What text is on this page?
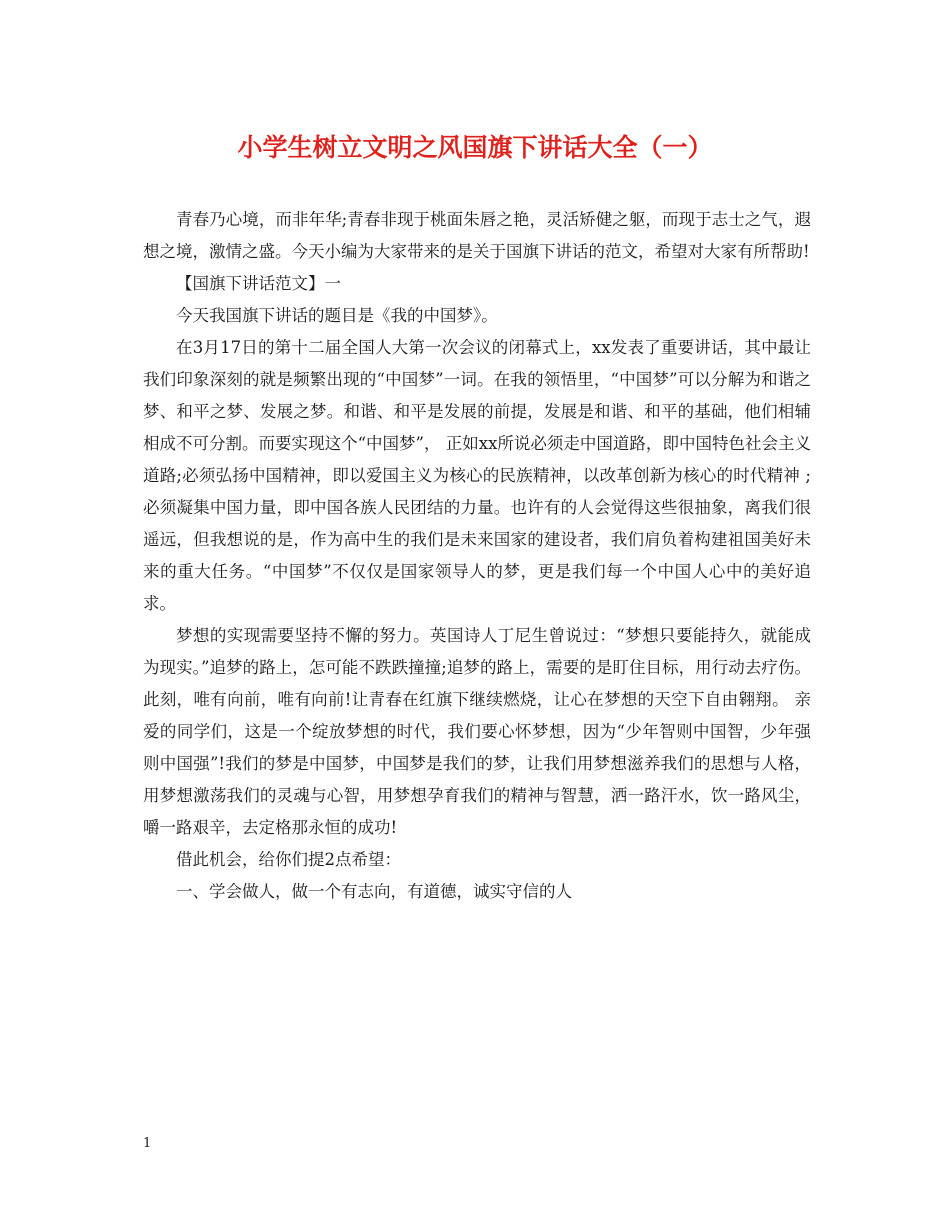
小学生树立文明之风国旗下讲话大全（一）

青春乃心境，而非年华;青春非现于桃面朱唇之艳，灵活矫健之躯，而现于志士之气，遐想之境，激情之盛。今天小编为大家带来的是关于国旗下讲话的范文，希望对大家有所帮助!

【国旗下讲话范文】一

今天我国旗下讲话的题目是《我的中国梦》。

在3月17日的第十二届全国人大第一次会议的闭幕式上，xx发表了重要讲话，其中最让我们印象深刻的就是频繁出现的“中国梦”一词。在我的领悟里，“中国梦”可以分解为和谐之梦、和平之梦、发展之梦。和谐、和平是发展的前提，发展是和谐、和平的基础，他们相辅相成不可分割。而要实现这个“中国梦”， 正如xx所说必须走中国道路，即中国特色社会主义道路;必须弘扬中国精神，即以爱国主义为核心的民族精神，以改革创新为核心的时代精神 ;必须凝集中国力量，即中国各族人民团结的力量。也许有的人会觉得这些很抽象，离我们很遥远，但我想说的是，作为高中生的我们是未来国家的建设者，我们肩负着构建祖国美好未来的重大任务。“中国梦”不仅仅是国家领导人的梦，更是我们每一个中国人心中的美好追求。

梦想的实现需要坚持不懈的努力。英国诗人丁尼生曾说过：“梦想只要能持久，就能成为现实。”追梦的路上，怎可能不跌跌撞撞;追梦的路上，需要的是盯住目标，用行动去疗伤。此刻，唯有向前，唯有向前!让青春在红旗下继续燃烧，让心在梦想的天空下自由翱翔。 亲爱的同学们，这是一个绽放梦想的时代，我们要心怀梦想，因为“少年智则中国智，少年强则中国强”!我们的梦是中国梦，中国梦是我们的梦，让我们用梦想滋养我们的思想与人格，用梦想激荡我们的灵魂与心智，用梦想孕育我们的精神与智慧，洒一路汗水，饮一路风尘，嚼一路艰辛，去定格那永恒的成功!

借此机会，给你们提2点希望：

一、学会做人，做一个有志向，有道德，诚实守信的人

1
